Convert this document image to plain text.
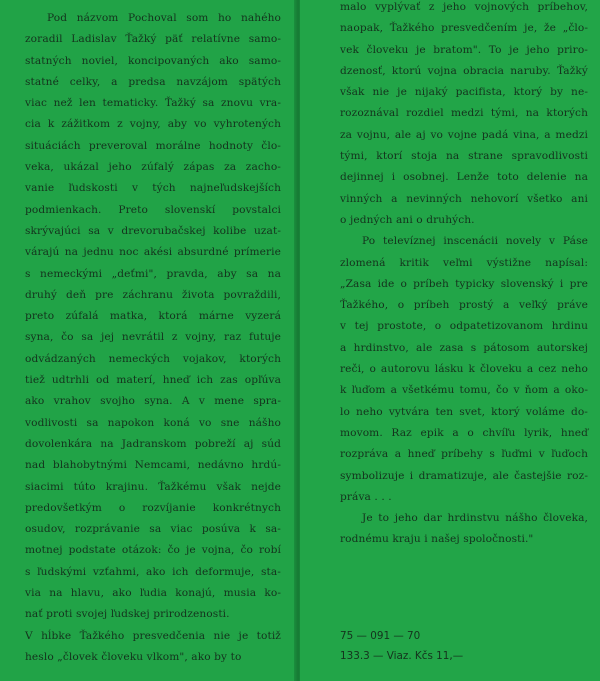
Pod názvom Pochoval som ho nahého
zoradil Ladislav Ťažký päť relatívne samo-
statných noviel, koncipovaných ako samo-
statné celky, a predsa navzájom spätých
viac než len tematicky. Ťažký sa znovu vra-
cia k zážitkom z vojny, aby vo vyhrotených
situáciách preveroval morálne hodnoty člo-
veka, ukázal jeho zúfalý zápas za zacho-
vanie ľudskosti v tých najneľudskejších
podmienkach. Preto slovenskí povstalci
skrývajúci sa v drevorubačskej kolibe uzat-
várajú na jednu noc akési absurdné prímerie
s nemeckými „deťmi", pravda, aby sa na
druhý deň pre záchranu života povraždili,
preto zúfalá matka, ktorá márne vyzerá
syna, čo sa jej nevrátil z vojny, raz futuje
odvádzaných nemeckých vojakov, ktorých
tiež udtrhli od materí, hneď ich zas opľúva
ako vrahov svojho syna. A v mene spra-
vodlivosti sa napokon koná vo sne nášho
dovolenkára na Jadranskom pobreží aj súd
nad blahobytnými Nemcami, nedávno hrdú-
siacimi túto krajinu. Ťažkému však nejde
predovšetkým o rozvíjanie konkrétnych
osudov, rozprávanie sa viac posúva k sa-
motnej podstate otázok: čo je vojna, čo robí
s ľudskými vzťahmi, ako ich deformuje, sta-
via na hlavu, ako ľudia konajú, musia ko-
nať proti svojej ľudskej prirodzenosti.
V hĺbke Ťažkého presvedčenia nie je totiž
heslo „človek človeku vlkom", ako by to
malo vyplývať z jeho vojnových príbehov,
naopak, Ťažkého presvedčením je, že „člo-
vek človeku je bratom". To je jeho priro-
dzenosť, ktorú vojna obracia naruby. Ťažký
však nie je nijaký pacifista, ktorý by ne-
rozoznával rozdiel medzi tými, na ktorých
za vojnu, ale aj vo vojne padá vina, a medzi
tými, ktorí stoja na strane spravodlivosti
dejinnej i osobnej. Lenže toto delenie na
vinných a nevinných nehovorí všetko ani
o jedných ani o druhých.
Po televíznej inscenácii novely v Páse
zlomená kritik veľmi výstižne napísal:
„Zasa ide o príbeh typicky slovenský i pre
Ťažkého, o príbeh prostý a veľký práve
v tej prostote, o odpatetizovanom hrdinu
a hrdinstvo, ale zasa s pátosom autorskej
reči, o autorovu lásku k človeku a cez neho
k ľuďom a všetkému tomu, čo v ňom a oko-
lo neho vytvára ten svet, ktorý voláme do-
movom. Raz epik a o chvíľu lyrik, hneď
rozpráva a hneď príbehy s ľuďmi v ľuďoch
symbolizuje i dramatizuje, ale častejšie roz-
práva . . .
Je to jeho dar hrdinstvu nášho človeka,
rodnému kraju i našej spoločnosti."
75 — 091 — 70
133.3 — Viaz. Kčs 11,—
